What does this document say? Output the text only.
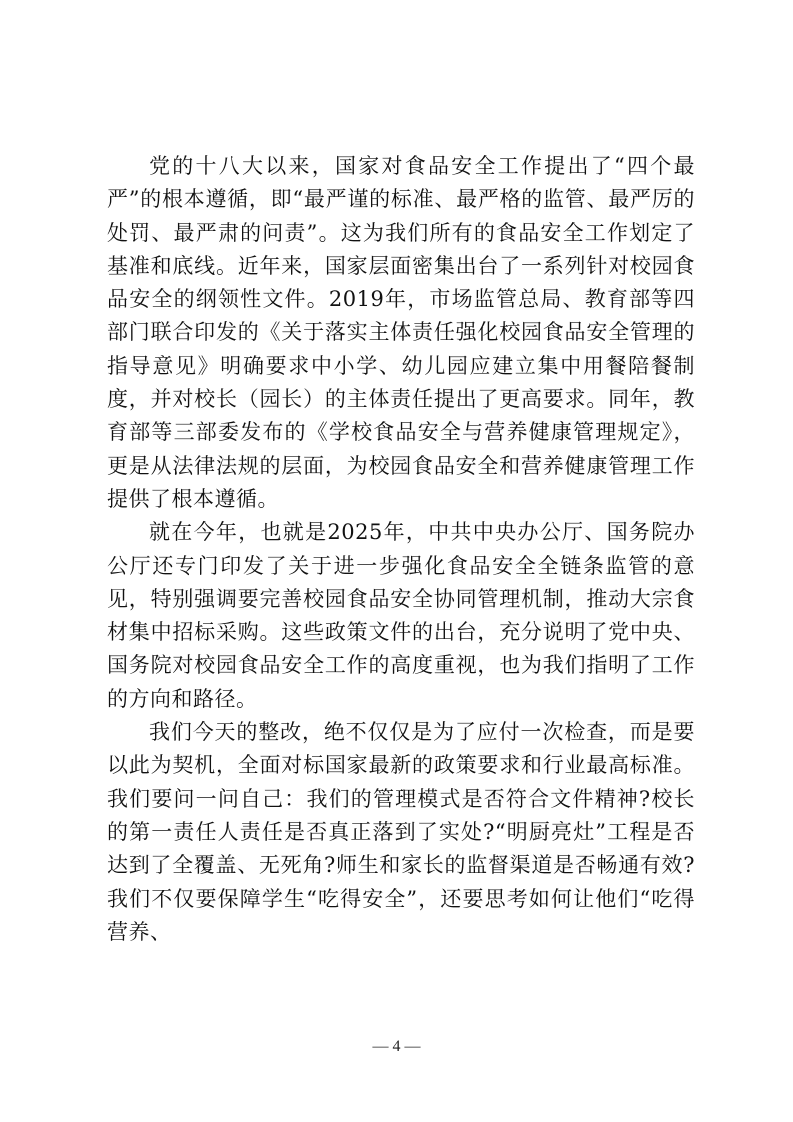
党的十八大以来，国家对食品安全工作提出了“四个最严”的根本遵循，即“最严谨的标准、最严格的监管、最严厉的处罚、最严肃的问责”。这为我们所有的食品安全工作划定了基准和底线。近年来，国家层面密集出台了一系列针对校园食品安全的纲领性文件。2019年，市场监管总局、教育部等四部门联合印发的《关于落实主体责任强化校园食品安全管理的指导意见》明确要求中小学、幼儿园应建立集中用餐陪餐制度，并对校长（园长）的主体责任提出了更高要求。同年，教育部等三部委发布的《学校食品安全与营养健康管理规定》，更是从法律法规的层面，为校园食品安全和营养健康管理工作提供了根本遵循。

就在今年，也就是2025年，中共中央办公厅、国务院办公厅还专门印发了关于进一步强化食品安全全链条监管的意见，特别强调要完善校园食品安全协同管理机制，推动大宗食材集中招标采购。这些政策文件的出台，充分说明了党中央、国务院对校园食品安全工作的高度重视，也为我们指明了工作的方向和路径。

我们今天的整改，绝不仅仅是为了应付一次检查，而是要以此为契机，全面对标国家最新的政策要求和行业最高标准。我们要问一问自己：我们的管理模式是否符合文件精神?校长的第一责任人责任是否真正落到了实处?“明厨亮灶”工程是否达到了全覆盖、无死角?师生和家长的监督渠道是否畅通有效?我们不仅要保障学生“吃得安全”，还要思考如何让他们“吃得营养、

— 4 —
